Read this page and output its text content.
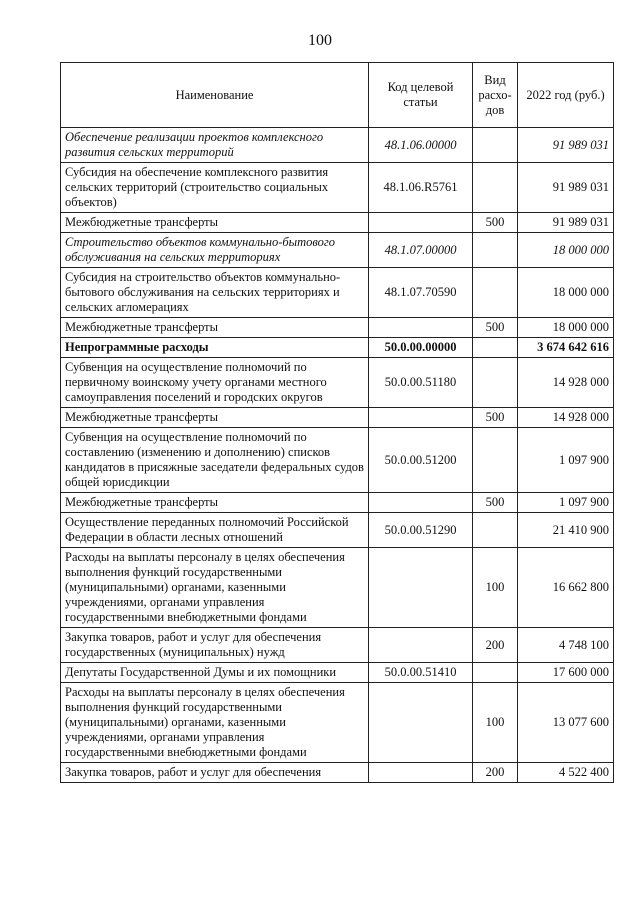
100
Наименование	Код целевой статьи	Вид расхо-дов	2022 год (руб.)
Обеспечение реализации проектов комплексного развития сельских территорий	48.1.06.00000		91 989 031
Субсидия на обеспечение комплексного развития сельских территорий (строительство социальных объектов)	48.1.06.R5761		91 989 031
Межбюджетные трансферты		500	91 989 031
Строительство объектов коммунально-бытового обслуживания на сельских территориях	48.1.07.00000		18 000 000
Субсидия на строительство объектов коммунально-бытового обслуживания на сельских территориях и сельских агломерациях	48.1.07.70590		18 000 000
Межбюджетные трансферты		500	18 000 000
Непрограммные расходы	50.0.00.00000		3 674 642 616
Субвенция на осуществление полномочий по первичному воинскому учету органами местного самоуправления поселений и городских округов	50.0.00.51180		14 928 000
Межбюджетные трансферты		500	14 928 000
Субвенция на осуществление полномочий по составлению (изменению и дополнению) списков кандидатов в присяжные заседатели федеральных судов общей юрисдикции	50.0.00.51200		1 097 900
Межбюджетные трансферты		500	1 097 900
Осуществление переданных полномочий Российской Федерации в области лесных отношений	50.0.00.51290		21 410 900
Расходы на выплаты персоналу в целях обеспечения выполнения функций государственными (муниципальными) органами, казенными учреждениями, органами управления государственными внебюджетными фондами		100	16 662 800
Закупка товаров, работ и услуг для обеспечения государственных (муниципальных) нужд		200	4 748 100
Депутаты Государственной Думы и их помощники	50.0.00.51410		17 600 000
Расходы на выплаты персоналу в целях обеспечения выполнения функций государственными (муниципальными) органами, казенными учреждениями, органами управления государственными внебюджетными фондами		100	13 077 600
Закупка товаров, работ и услуг для обеспечения		200	4 522 400
